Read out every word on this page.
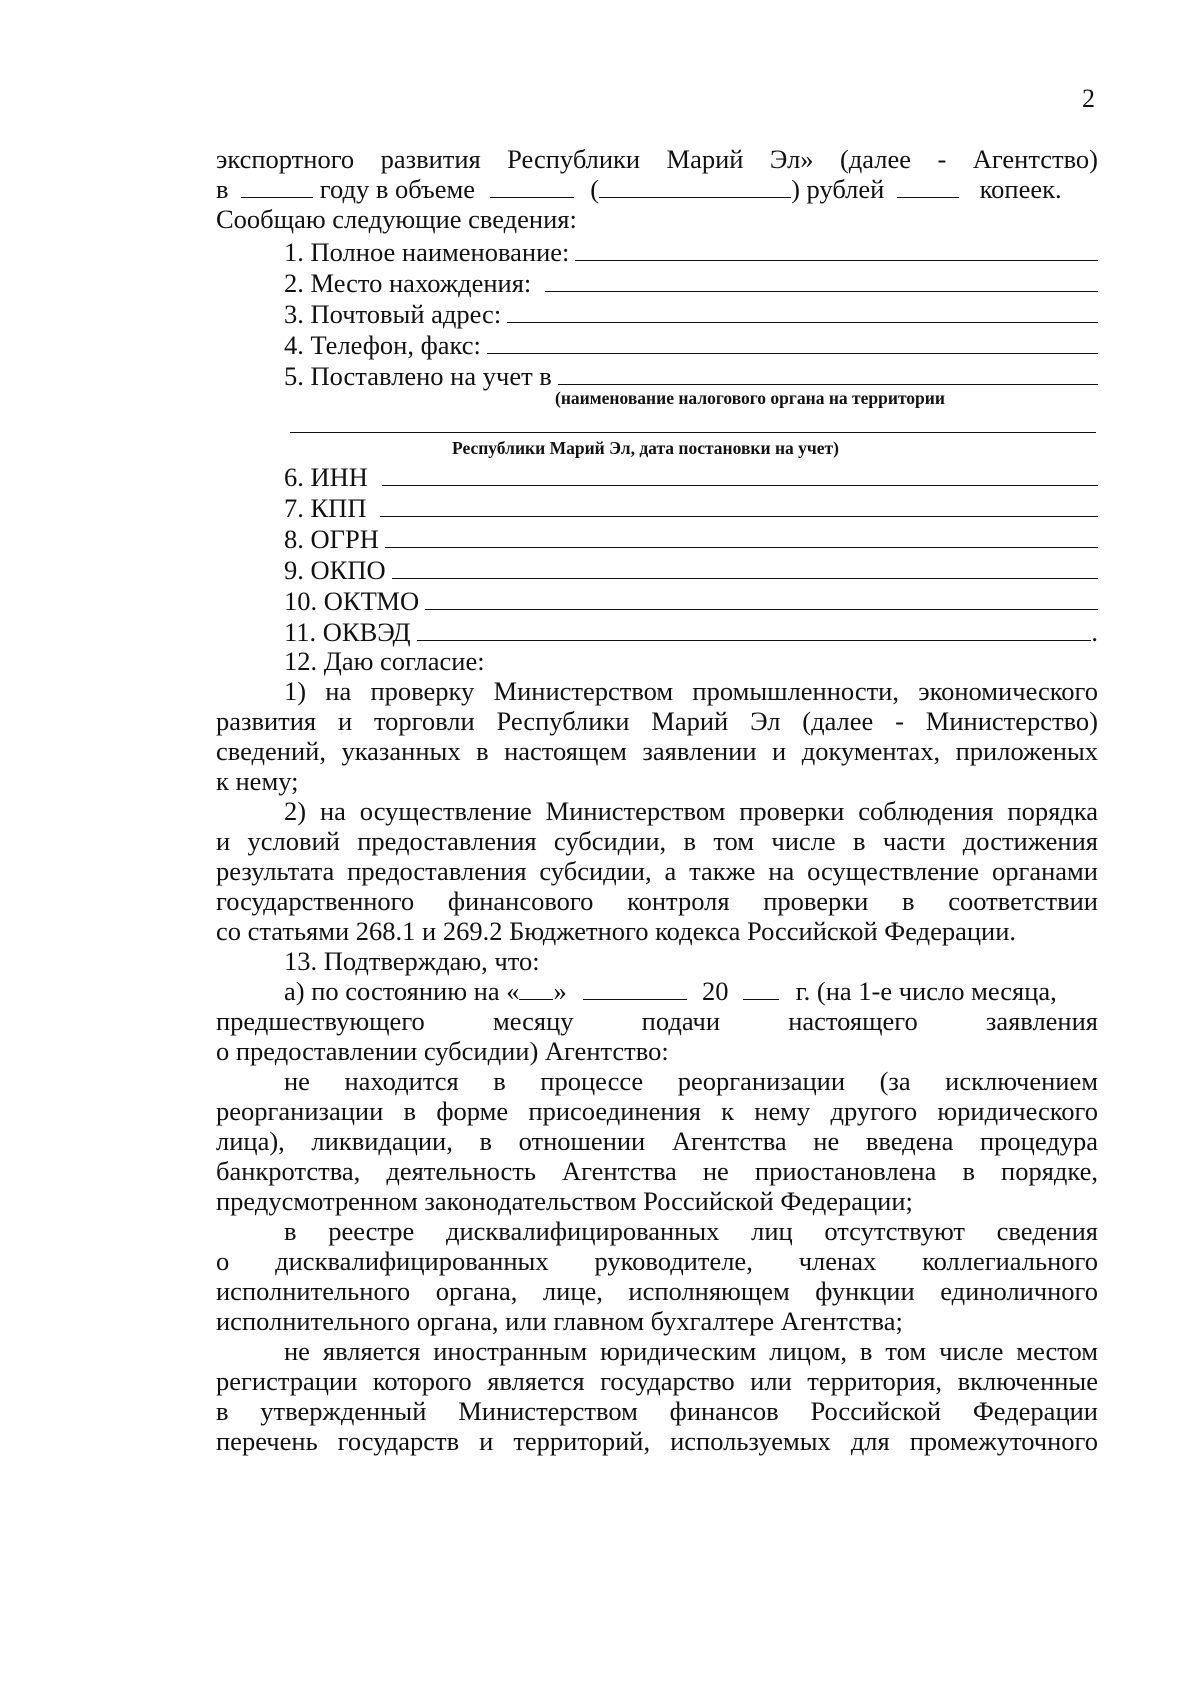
2
экспортного развития Республики Марий Эл» (далее - Агентство)
в	году в объеме	(	) рублей	копеек.
Сообщаю следующие сведения:
1. Полное наименование:
2. Место нахождения:
3. Почтовый адрес:
4. Телефон, факс:
5. Поставлено на учет в
(наименование налогового органа на территории
Республики Марий Эл, дата постановки на учет)
6. ИНН
7. КПП
8. ОГРН
9. ОКПО
10. ОКТМО
11. ОКВЭД	.
12. Даю согласие:
1) на проверку Министерством промышленности, экономического
развития и торговли Республики Марий Эл (далее - Министерство)
сведений, указанных в настоящем заявлении и документах, приложеных
к нему;
2) на осуществление Министерством проверки соблюдения порядка
и условий предоставления субсидии, в том числе в части достижения
результата предоставления субсидии, а также на осуществление органами
государственного финансового контроля проверки в соответствии
со статьями 268.1 и 269.2 Бюджетного кодекса Российской Федерации.
13. Подтверждаю, что:
а) по состоянию на « »	20	г. (на 1-е число месяца,
предшествующего месяцу подачи настоящего заявления
о предоставлении субсидии) Агентство:
не находится в процессе реорганизации (за исключением
реорганизации в форме присоединения к нему другого юридического
лица), ликвидации, в отношении Агентства не введена процедура
банкротства, деятельность Агентства не приостановлена в порядке,
предусмотренном законодательством Российской Федерации;
в реестре дисквалифицированных лиц отсутствуют сведения
о дисквалифицированных руководителе, членах коллегиального
исполнительного органа, лице, исполняющем функции единоличного
исполнительного органа, или главном бухгалтере Агентства;
не является иностранным юридическим лицом, в том числе местом
регистрации которого является государство или территория, включенные
в утвержденный Министерством финансов Российской Федерации
перечень государств и территорий, используемых для промежуточного
